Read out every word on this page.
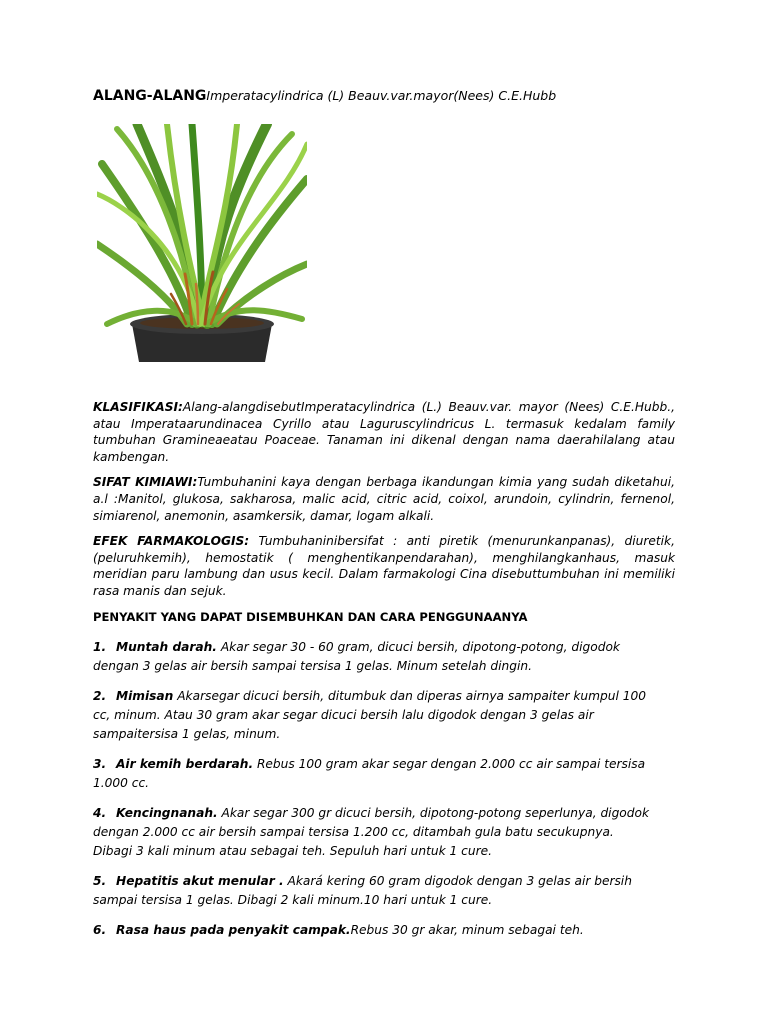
ALANG-ALANGImperatacylindrica (L) Beauv.var.mayor(Nees) C.E.Hubb

KLASIFIKASI:Alang-alangdisebutImperatacylindrica (L.) Beauv.var. mayor (Nees) C.E.Hubb., atau Imperataarundinacea Cyrillo atau Laguruscylindricus L. termasuk kedalam family tumbuhan Gramineaeatau Poaceae. Tanaman ini dikenal dengan nama daerahilalang atau kambengan.

SIFAT KIMIAWI:Tumbuhanini kaya dengan berbaga ikandungan kimia yang sudah diketahui, a.l :Manitol, glukosa, sakharosa, malic acid, citric acid, coixol, arundoin, cylindrin, fernenol, simiarenol, anemonin, asamkersik, damar, logam alkali.

EFEK FARMAKOLOGIS: Tumbuhaninibersifat : anti piretik (menurunkanpanas), diuretik, (peluruhkemih), hemostatik ( menghentikanpendarahan), menghilangkanhaus, masuk meridian paru lambung dan usus kecil. Dalam farmakologi Cina disebuttumbuhan ini memiliki rasa manis dan sejuk.

PENYAKIT YANG DAPAT DISEMBUHKAN DAN CARA PENGGUNAANYA
1. Muntah darah. Akar segar 30 - 60 gram, dicuci bersih, dipotong-potong, digodok dengan 3 gelas air bersih sampai tersisa 1 gelas. Minum setelah dingin.
2. Mimisan Akarsegar dicuci bersih, ditumbuk dan diperas airnya sampaiter kumpul 100 cc, minum. Atau 30 gram akar segar dicuci bersih lalu digodok dengan 3 gelas air sampaitersisa 1 gelas, minum.
3. Air kemih berdarah. Rebus 100 gram akar segar dengan 2.000 cc air sampai tersisa 1.000 cc.
4. Kencingnanah. Akar segar 300 gr dicuci bersih, dipotong-potong seperlunya, digodok dengan 2.000 cc air bersih sampai tersisa 1.200 cc, ditambah gula batu secukupnya. Dibagi 3 kali minum atau sebagai teh. Sepuluh hari untuk 1 cure.
5. Hepatitis akut menular . Akará kering 60 gram digodok dengan 3 gelas air bersih sampai tersisa 1 gelas. Dibagi 2 kali minum.10 hari untuk 1 cure.
6. Rasa haus pada penyakit campak.Rebus 30 gr akar, minum sebagai teh.
